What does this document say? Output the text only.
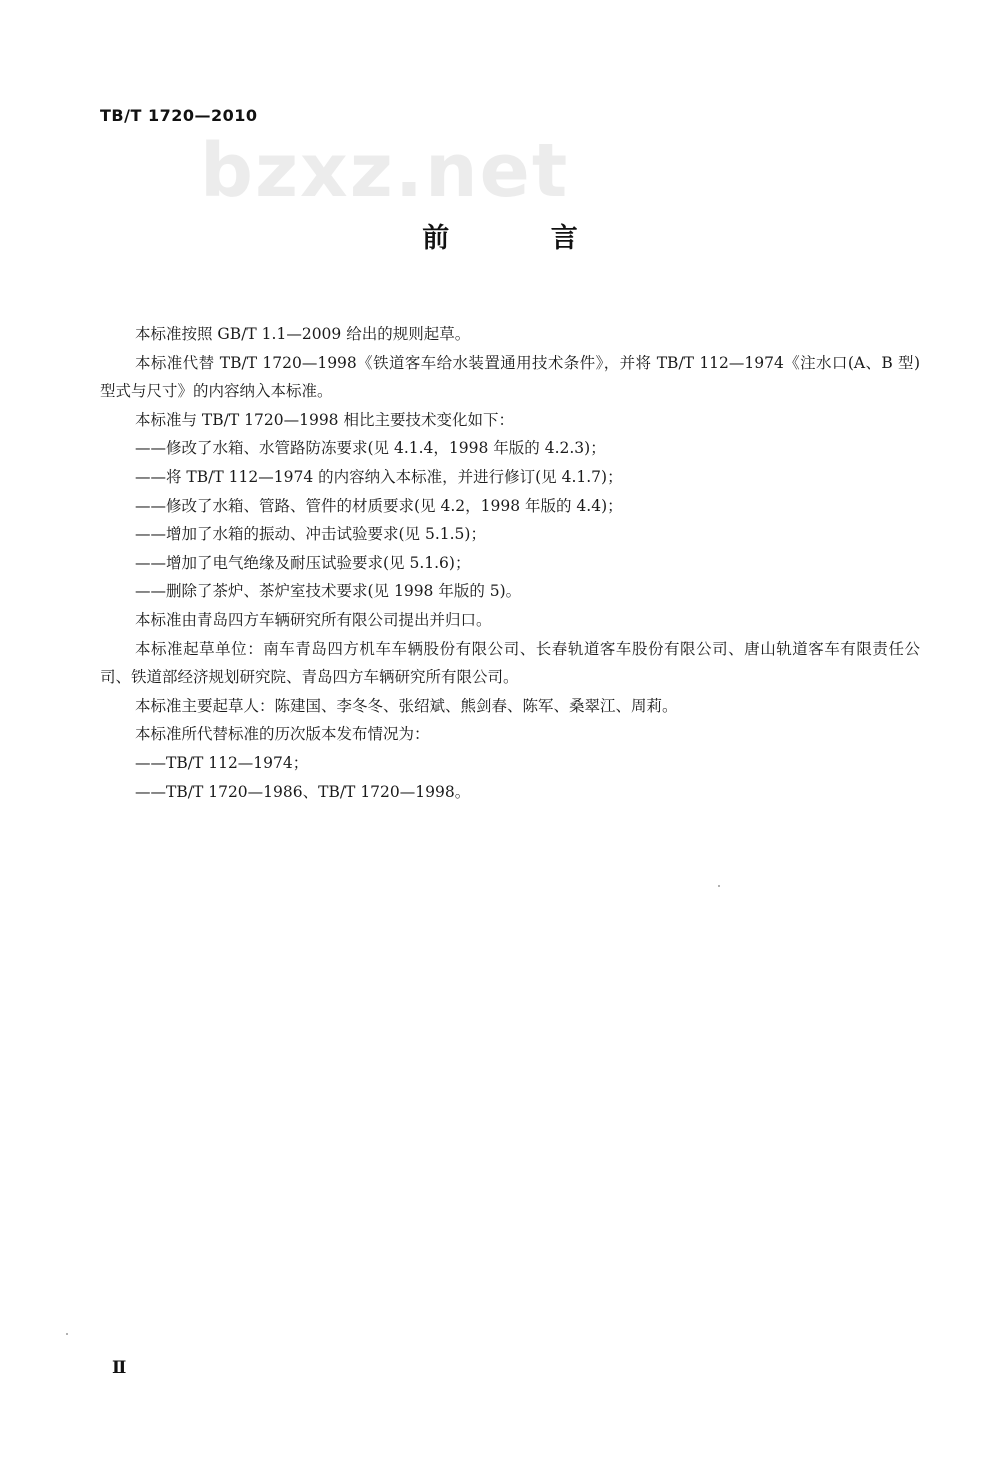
TB/T 1720—2010
bzxz.net
前 言

本标准按照 GB/T 1.1—2009 给出的规则起草。

本标准代替 TB/T 1720—1998《铁道客车给水装置通用技术条件》，并将 TB/T 112—1974《注水口(A、B 型)型式与尺寸》的内容纳入本标准。

本标准与 TB/T 1720—1998 相比主要技术变化如下：

——修改了水箱、水管路防冻要求(见 4.1.4，1998 年版的 4.2.3)；

——将 TB/T 112—1974 的内容纳入本标准，并进行修订(见 4.1.7)；

——修改了水箱、管路、管件的材质要求(见 4.2，1998 年版的 4.4)；

——增加了水箱的振动、冲击试验要求(见 5.1.5)；

——增加了电气绝缘及耐压试验要求(见 5.1.6)；

——删除了茶炉、茶炉室技术要求(见 1998 年版的 5)。

本标准由青岛四方车辆研究所有限公司提出并归口。

本标准起草单位：南车青岛四方机车车辆股份有限公司、长春轨道客车股份有限公司、唐山轨道客车有限责任公司、铁道部经济规划研究院、青岛四方车辆研究所有限公司。

本标准主要起草人：陈建国、李冬冬、张绍斌、熊剑春、陈军、桑翠江、周莉。

本标准所代替标准的历次版本发布情况为：

——TB/T 112—1974；

——TB/T 1720—1986、TB/T 1720—1998。

Ⅱ
